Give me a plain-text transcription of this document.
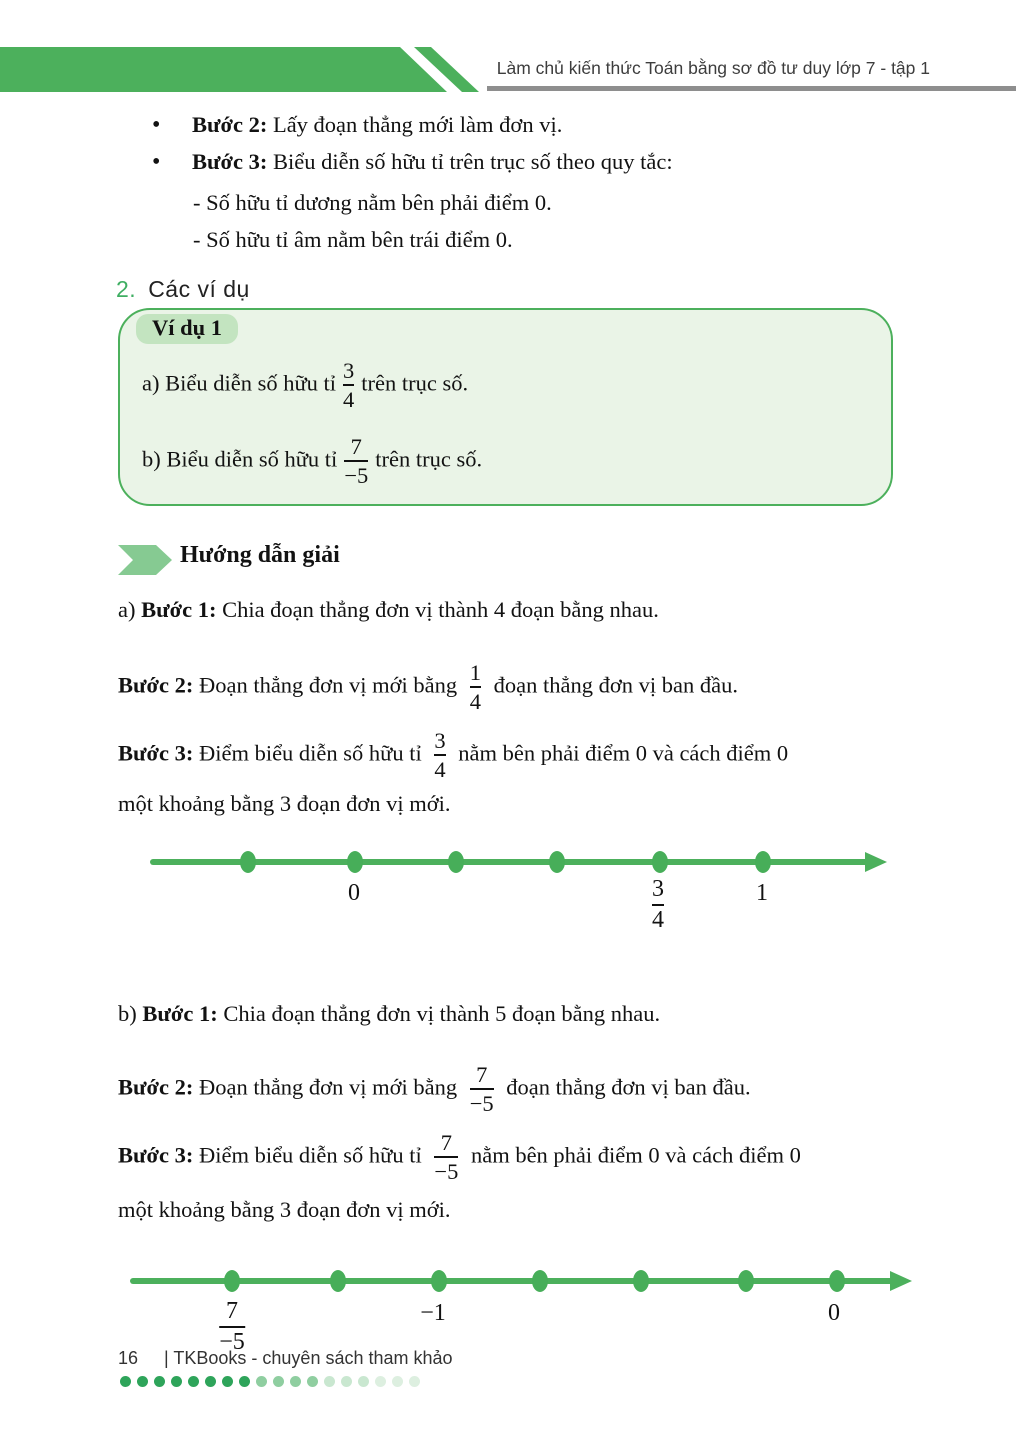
Làm chủ kiến thức Toán bằng sơ đồ tư duy lớp 7 - tập 1
• Bước 2: Lấy đoạn thẳng mới làm đơn vị.
• Bước 3: Biểu diễn số hữu tỉ trên trục số theo quy tắc:
- Số hữu tỉ dương nằm bên phải điểm 0.
- Số hữu tỉ âm nằm bên trái điểm 0.
2. Các ví dụ
Ví dụ 1
a) Biểu diễn số hữu tỉ $\frac{3}{4}$ trên trục số.
b) Biểu diễn số hữu tỉ $\frac{7}{-5}$ trên trục số.
Hướng dẫn giải
a) Bước 1: Chia đoạn thẳng đơn vị thành 4 đoạn bằng nhau.
Bước 2: Đoạn thẳng đơn vị mới bằng $\frac{1}{4}$ đoạn thẳng đơn vị ban đầu.
Bước 3: Điểm biểu diễn số hữu tỉ $\frac{3}{4}$ nằm bên phải điểm 0 và cách điểm 0
một khoảng bằng 3 đoạn đơn vị mới.
0	$\frac{3}{4}$	1
b) Bước 1: Chia đoạn thẳng đơn vị thành 5 đoạn bằng nhau.
Bước 2: Đoạn thẳng đơn vị mới bằng $\frac{7}{-5}$ đoạn thẳng đơn vị ban đầu.
Bước 3: Điểm biểu diễn số hữu tỉ $\frac{7}{-5}$ nằm bên phải điểm 0 và cách điểm 0
một khoảng bằng 3 đoạn đơn vị mới.
$\frac{7}{-5}$	−1	0
16 | TKBooks - chuyên sách tham khảo
